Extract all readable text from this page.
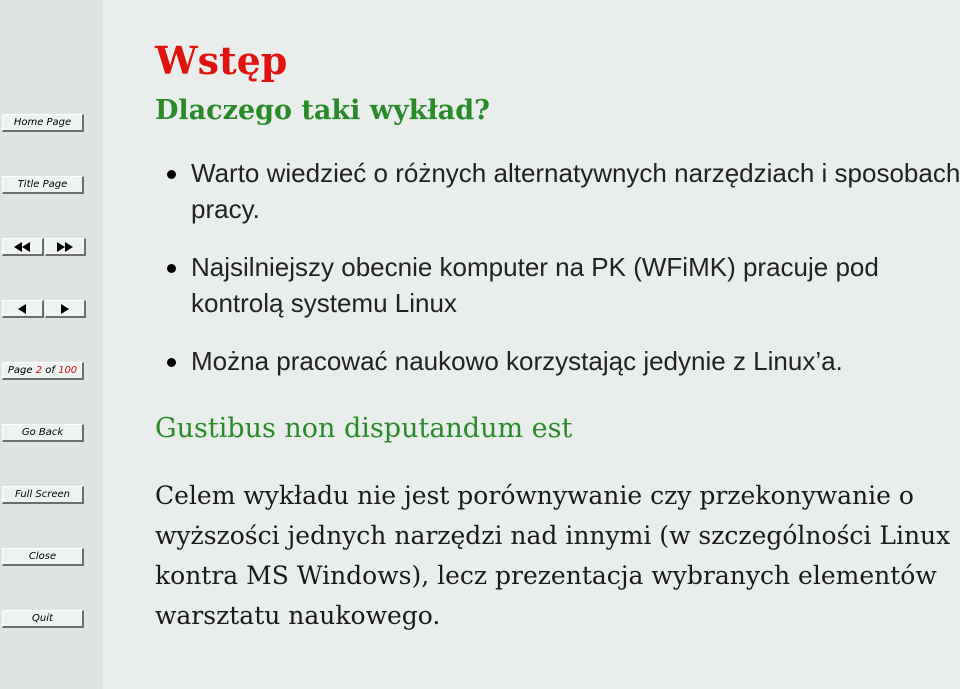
Home Page
Title Page
Page
2
of
100
Go Back
Full Screen
Close
Quit
Wstęp
Dlaczego taki wykład?
Warto wiedzieć o różnych alternatywnych narzędziach i sposobach pracy.
Najsilniejszy obecnie komputer na PK (WFiMK) pracuje pod kontrolą systemu Linux
Można pracować naukowo korzystając jedynie z Linux’a.
Gustibus non disputandum est

Celem wykładu nie jest porównywanie czy przekonywanie o wyższości jednych narzędzi nad innymi (w szczególności Linux kontra MS Windows), lecz prezentacja wybranych elementów warsztatu naukowego.
